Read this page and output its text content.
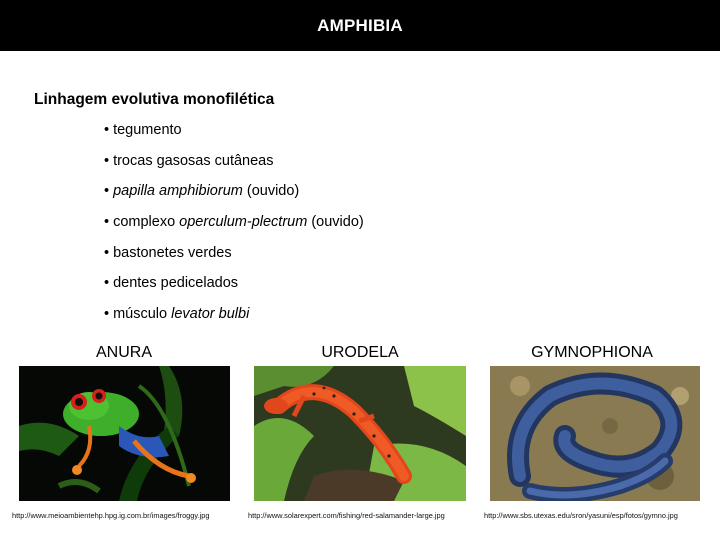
AMPHIBIA
Linhagem evolutiva monofilética
• tegumento
• trocas gasosas cutâneas
• papilla amphibiorum (ouvido)
• complexo operculum-plectrum (ouvido)
• bastonetes verdes
• dentes pedicelados
• músculo levator bulbi
ANURA	URODELA	GYMNOPHIONA
http://www.meioambientehp.hpg.ig.com.br/images/froggy.jpg	http://www.solarexpert.com/fishing/red-salamander-large.jpg	http://www.sbs.utexas.edu/sron/yasuni/esp/fotos/gymno.jpg
